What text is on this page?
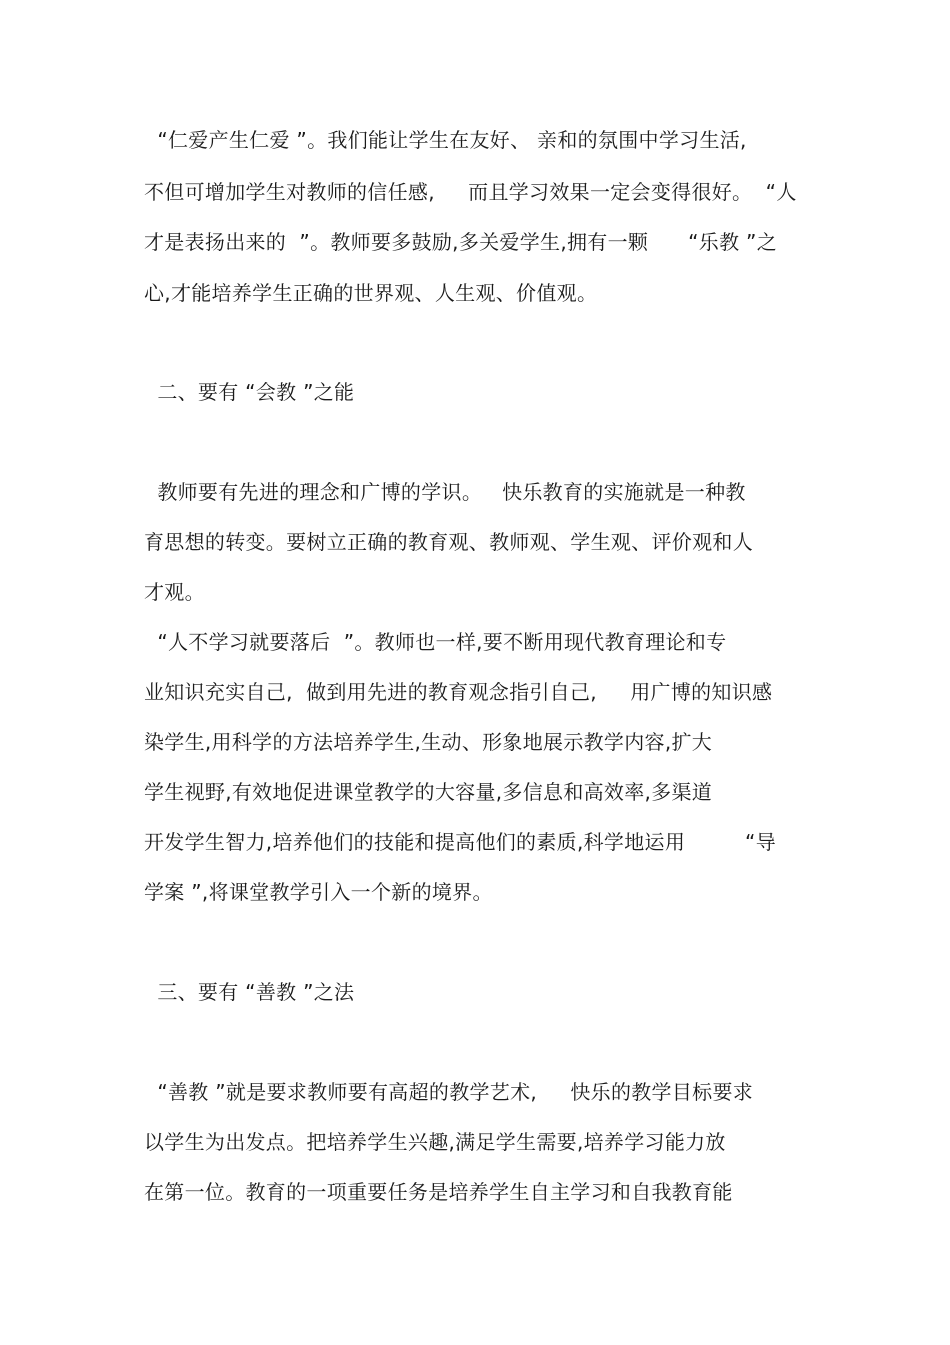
“仁爱产生仁爱 ”。我们能让学生在友好、 亲和的氛围中学习生活,
不但可增加学生对教师的信任感,     而且学习效果一定会变得很好。  “人
才是表扬出来的  ”。教师要多鼓励,多关爱学生,拥有一颗      “乐教 ”之
心,才能培养学生正确的世界观、人生观、价值观。
二、要有 “会教 ”之能
教师要有先进的理念和广博的学识。   快乐教育的实施就是一种教
育思想的转变。要树立正确的教育观、教师观、学生观、评价观和人
才观。
“人不学习就要落后  ”。教师也一样,要不断用现代教育理论和专
业知识充实自己,  做到用先进的教育观念指引自己,     用广博的知识感
染学生,用科学的方法培养学生,生动、形象地展示教学内容,扩大
学生视野,有效地促进课堂教学的大容量,多信息和高效率,多渠道
开发学生智力,培养他们的技能和提高他们的素质,科学地运用         “导
学案 ”,将课堂教学引入一个新的境界。
三、要有 “善教 ”之法
“善教 ”就是要求教师要有高超的教学艺术,     快乐的教学目标要求
以学生为出发点。把培养学生兴趣,满足学生需要,培养学习能力放
在第一位。教育的一项重要任务是培养学生自主学习和自我教育能
